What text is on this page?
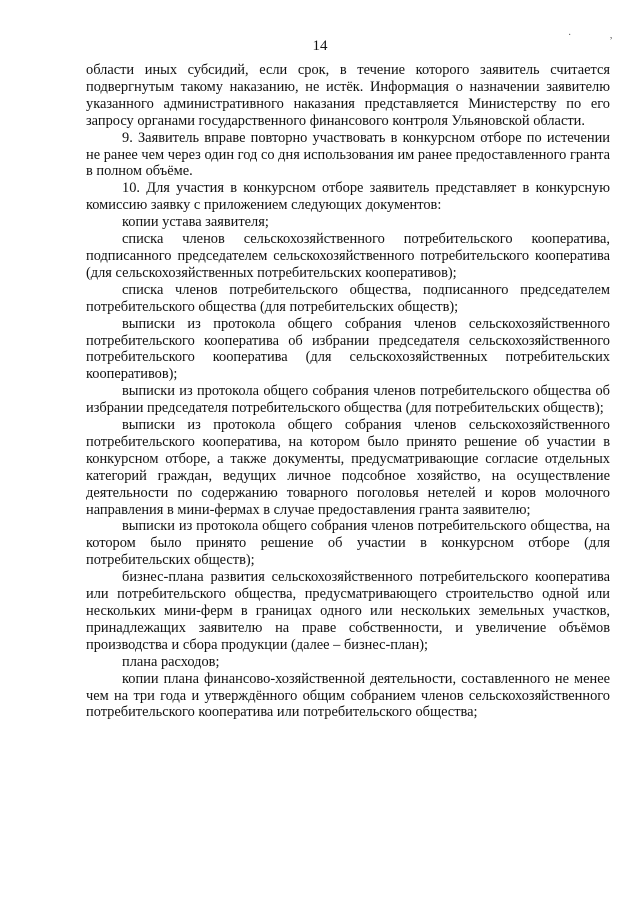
14
· ,

области иных субсидий, если срок, в течение которого заявитель считается подвергнутым такому наказанию, не истёк. Информация о назначении заявителю указанного административного наказания представляется Министерству по его запросу органами государственного финансового контроля Ульяновской области.

9. Заявитель вправе повторно участвовать в конкурсном отборе по истечении не ранее чем через один год со дня использования им ранее предоставленного гранта в полном объёме.

10. Для участия в конкурсном отборе заявитель представляет в конкурсную комиссию заявку с приложением следующих документов:

копии устава заявителя;

списка членов сельскохозяйственного потребительского кооператива, подписанного председателем сельскохозяйственного потребительского кооператива (для сельскохозяйственных потребительских кооперативов);

списка членов потребительского общества, подписанного председателем потребительского общества (для потребительских обществ);

выписки из протокола общего собрания членов сельскохозяйственного потребительского кооператива об избрании председателя сельскохозяйственного потребительского кооператива (для сельскохозяйственных потребительских кооперативов);

выписки из протокола общего собрания членов потребительского общества об избрании председателя потребительского общества (для потребительских обществ);

выписки из протокола общего собрания членов сельскохозяйственного потребительского кооператива, на котором было принято решение об участии в конкурсном отборе, а также документы, предусматривающие согласие отдельных категорий граждан, ведущих личное подсобное хозяйство, на осуществление деятельности по содержанию товарного поголовья нетелей и коров молочного направления в мини-фермах в случае предоставления гранта заявителю;

выписки из протокола общего собрания членов потребительского общества, на котором было принято решение об участии в конкурсном отборе (для потребительских обществ);

бизнес-плана развития сельскохозяйственного потребительского кооператива или потребительского общества, предусматривающего строительство одной или нескольких мини-ферм в границах одного или нескольких земельных участков, принадлежащих заявителю на праве собственности, и увеличение объёмов производства и сбора продукции (далее – бизнес-план);

плана расходов;

копии плана финансово-хозяйственной деятельности, составленного не менее чем на три года и утверждённого общим собранием членов сельскохозяйственного потребительского кооператива или потребительского общества;
